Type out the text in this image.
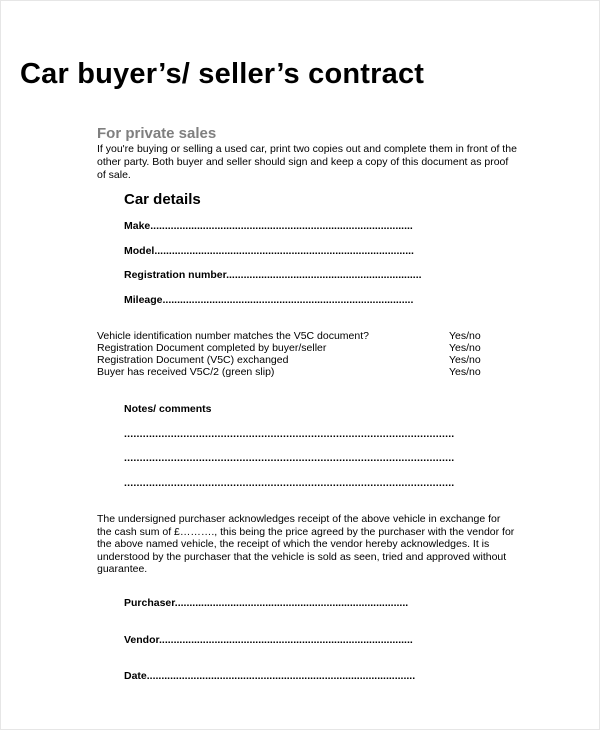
Car buyer’s/ seller’s contract
For private sales
If you're buying or selling a used car, print two copies out and complete them in front of the other party. Both buyer and seller should sign and keep a copy of this document as proof of sale.
Car details
Make..........................................................................................
Model.........................................................................................
Registration number...................................................................
Mileage......................................................................................
Vehicle identification number matches the V5C document?	Yes/no
Registration Document completed by buyer/seller	Yes/no
Registration Document (V5C) exchanged	Yes/no
Buyer has received V5C/2 (green slip)	Yes/no
Notes/ comments
..........................................................................................................
..........................................................................................................
..........................................................................................................
The undersigned purchaser acknowledges receipt of the above vehicle in exchange for the cash sum of £………., this being the price agreed by the purchaser with the vendor for the above named vehicle, the receipt of which the vendor hereby acknowledges. It is understood by the purchaser that the vehicle is sold as seen, tried and approved without guarantee.
Purchaser................................................................................
Vendor.......................................................................................
Date............................................................................................
